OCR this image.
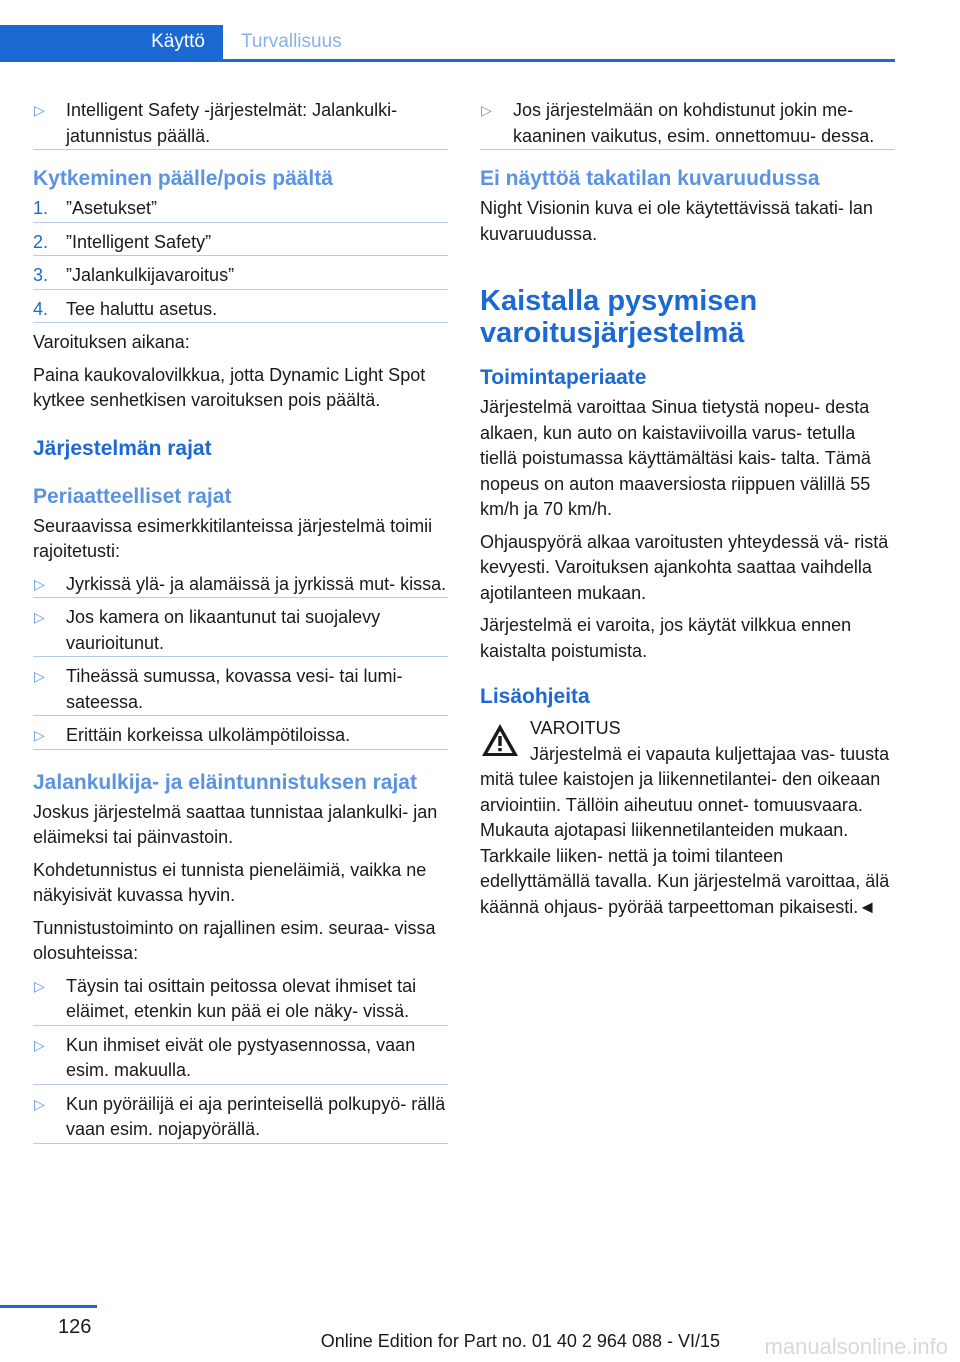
Käyttö	Turvallisuus
▷ Intelligent Safety -järjestelmät: Jalankulki- jatunnistus päällä.
Kytkeminen päälle/pois päältä
1. ”Asetukset”
2. ”Intelligent Safety”
3. ”Jalankulkijavaroitus”
4. Tee haluttu asetus.

Varoituksen aikana:

Paina kaukovalovilkkua, jotta Dynamic Light Spot kytkee senhetkisen varoituksen pois päältä.

Järjestelmän rajat
Periaatteelliset rajat

Seuraavissa esimerkkitilanteissa järjestelmä toimii rajoitetusti:

▷ Jyrkissä ylä- ja alamäissä ja jyrkissä mut- kissa.
▷ Jos kamera on likaantunut tai suojalevy vaurioitunut.
▷ Tiheässä sumussa, kovassa vesi- tai lumi- sateessa.
▷ Erittäin korkeissa ulkolämpötiloissa.
Jalankulkija- ja eläintunnistuksen rajat

Joskus järjestelmä saattaa tunnistaa jalankulki- jan eläimeksi tai päinvastoin.

Kohdetunnistus ei tunnista pieneläimiä, vaikka ne näkyisivät kuvassa hyvin.

Tunnistustoiminto on rajallinen esim. seuraa- vissa olosuhteissa:

▷ Täysin tai osittain peitossa olevat ihmiset tai eläimet, etenkin kun pää ei ole näky- vissä.
▷ Kun ihmiset eivät ole pystyasennossa, vaan esim. makuulla.
▷ Kun pyöräilijä ei aja perinteisellä polkupyö- rällä vaan esim. nojapyörällä.
▷ Jos järjestelmään on kohdistunut jokin me- kaaninen vaikutus, esim. onnettomuu- dessa.
Ei näyttöä takatilan kuvaruudussa

Night Visionin kuva ei ole käytettävissä takati- lan kuvaruudussa.

Kaistalla pysymisen varoitusjärjestelmä
Toimintaperiaate

Järjestelmä varoittaa Sinua tietystä nopeu- desta alkaen, kun auto on kaistaviivoilla varus- tetulla tiellä poistumassa käyttämältäsi kais- talta. Tämä nopeus on auton maaversiosta riippuen välillä 55 km/h ja 70 km/h.

Ohjauspyörä alkaa varoitusten yhteydessä vä- ristä kevyesti. Varoituksen ajankohta saattaa vaihdella ajotilanteen mukaan.

Järjestelmä ei varoita, jos käytät vilkkua ennen kaistalta poistumista.

Lisäohjeita
VAROITUS
Järjestelmä ei vapauta kuljettajaa vas- tuusta mitä tulee kaistojen ja liikennetilantei- den oikeaan arviointiin. Tällöin aiheutuu onnet- tomuusvaara. Mukauta ajotapasi liikennetilanteiden mukaan. Tarkkaile liiken- nettä ja toimi tilanteen edellyttämällä tavalla. Kun järjestelmä varoittaa, älä käännä ohjaus- pyörää tarpeettoman pikaisesti.◄
126
Online Edition for Part no. 01 40 2 964 088 - VI/15 manualsonline.info
